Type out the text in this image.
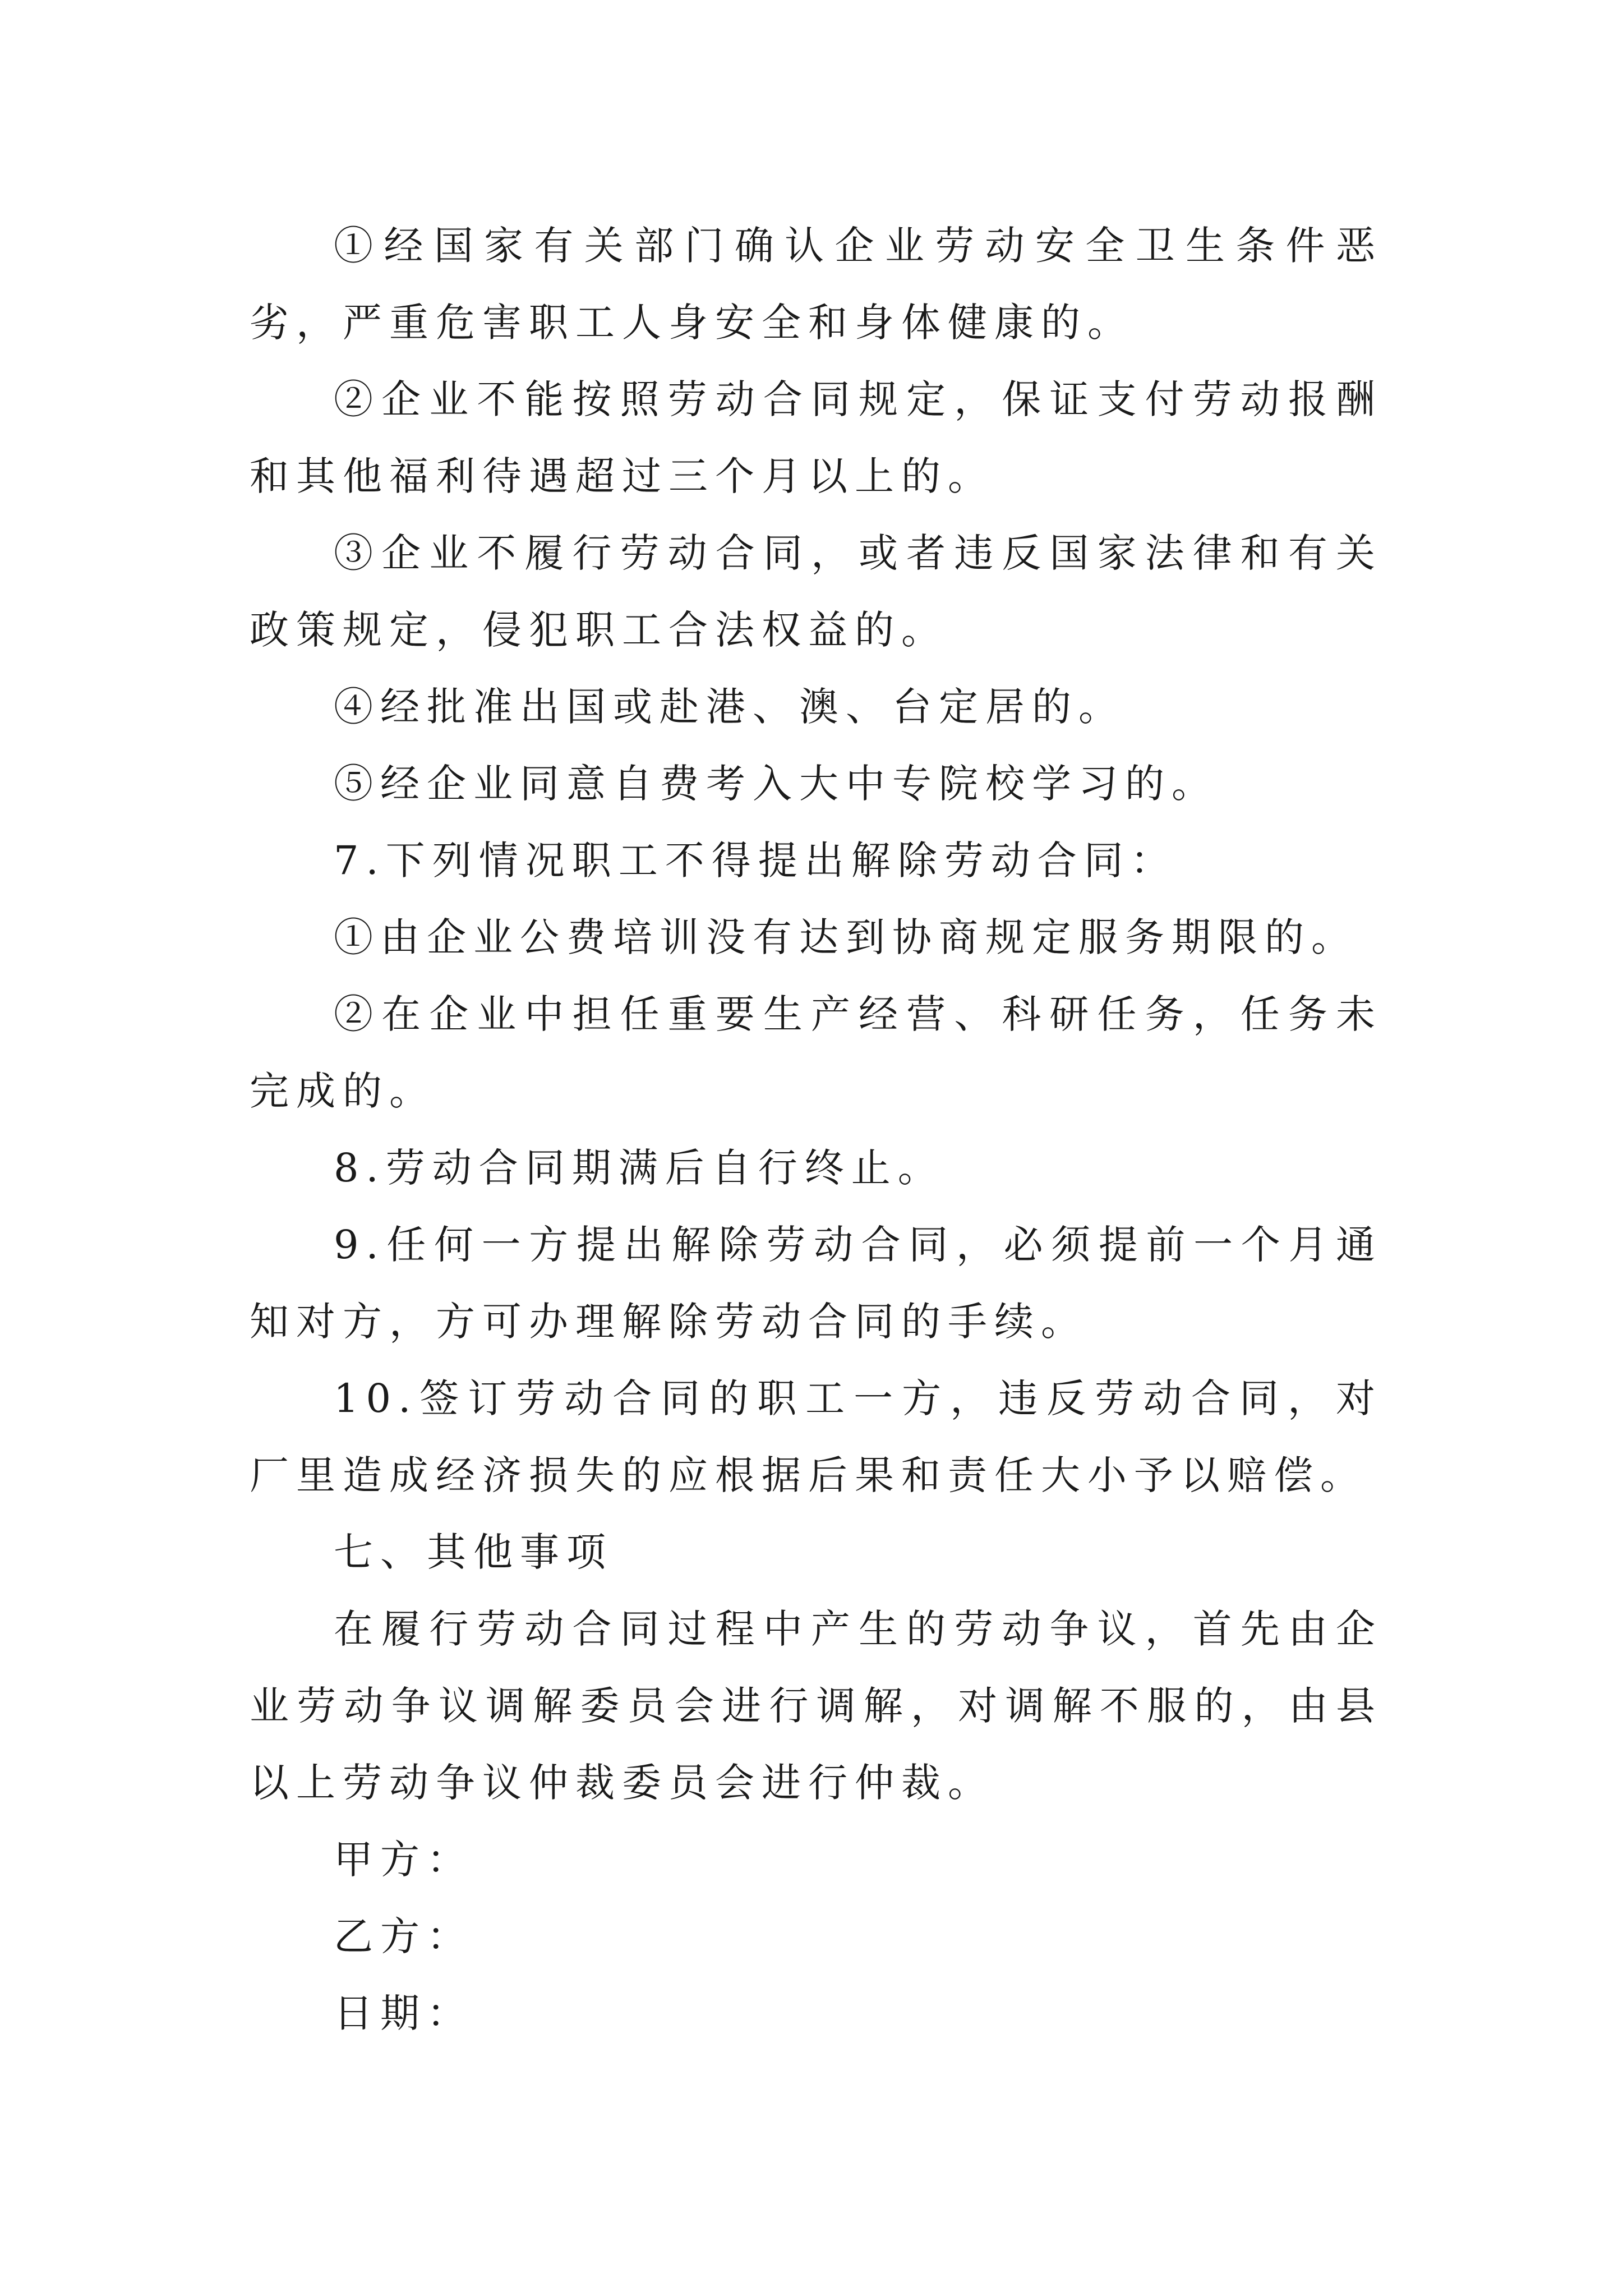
①经国家有关部门确认企业劳动安全卫生条件恶劣，严重危害职工人身安全和身体健康的。

②企业不能按照劳动合同规定，保证支付劳动报酬和其他福利待遇超过三个月以上的。

③企业不履行劳动合同，或者违反国家法律和有关政策规定，侵犯职工合法权益的。

④经批准出国或赴港、澳、台定居的。

⑤经企业同意自费考入大中专院校学习的。

7.下列情况职工不得提出解除劳动合同：

①由企业公费培训没有达到协商规定服务期限的。

②在企业中担任重要生产经营、科研任务，任务未完成的。

8.劳动合同期满后自行终止。

9.任何一方提出解除劳动合同，必须提前一个月通知对方，方可办理解除劳动合同的手续。

10.签订劳动合同的职工一方，违反劳动合同，对厂里造成经济损失的应根据后果和责任大小予以赔偿。

七、其他事项

在履行劳动合同过程中产生的劳动争议，首先由企业劳动争议调解委员会进行调解，对调解不服的，由县以上劳动争议仲裁委员会进行仲裁。

甲方：

乙方：

日期：
